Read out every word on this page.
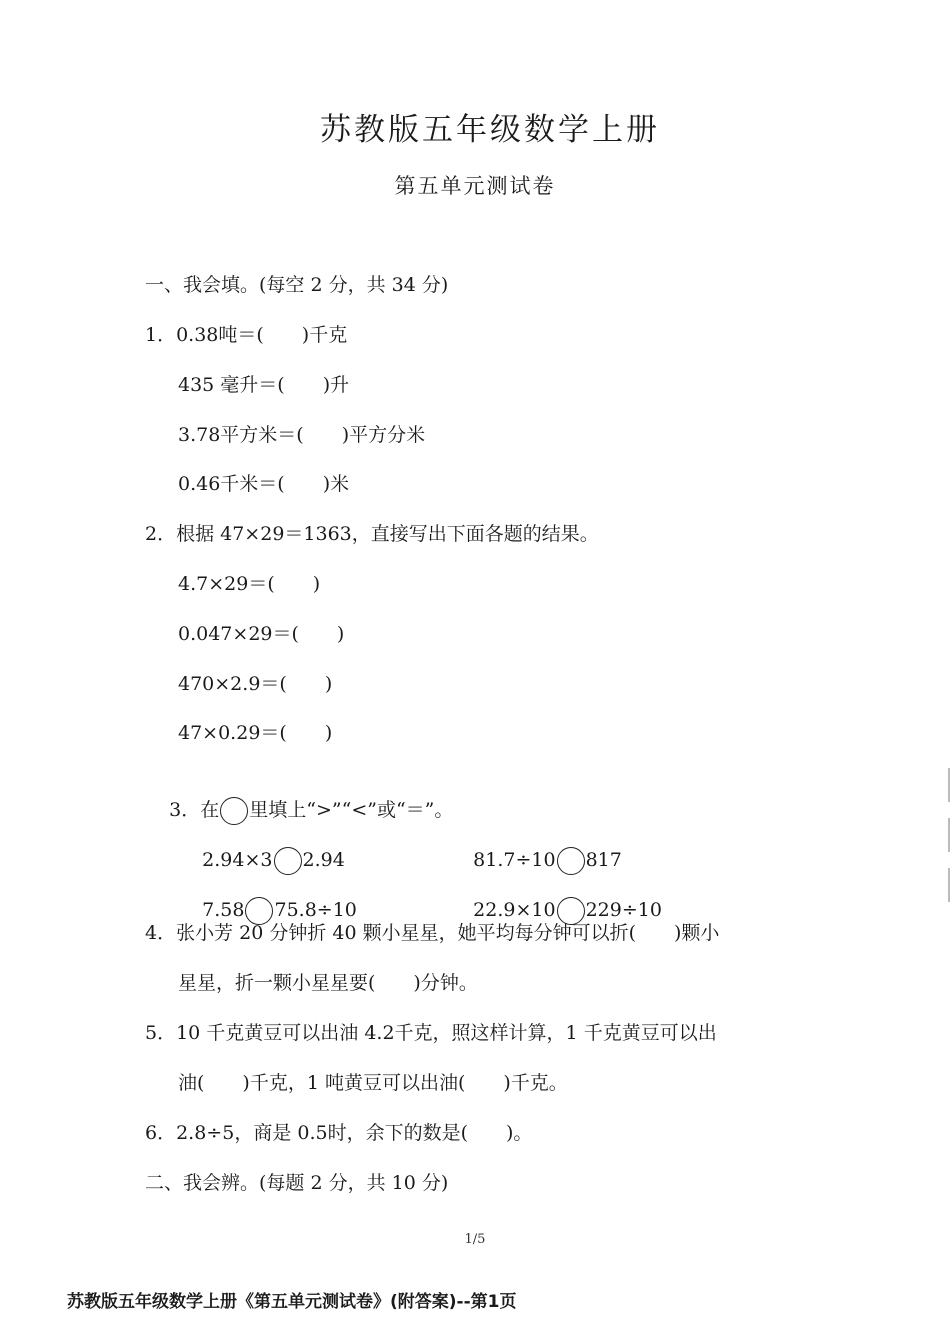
苏教版五年级数学上册
第五单元测试卷
一、我会填。(每空 2 分，共 34 分)
1．0.38吨＝(　　)千克
435 毫升＝(　　)升
3.78平方米＝(　　)平方分米
0.46千米＝(　　)米
2．根据 47×29＝1363，直接写出下面各题的结果。
4.7×29＝(　　)
0.047×29＝(　　)
470×2.9＝(　　)
47×0.29＝(　　)

3．在 里填上“>”“<”或“＝”。

2.94×3 2.94
	81.7÷10 817

7.58 75.8÷10
	22.9×10 229÷10

4．张小芳 20 分钟折 40 颗小星星，她平均每分钟可以折(　　)颗小
星星，折一颗小星星要(　　)分钟。
5．10 千克黄豆可以出油 4.2千克，照这样计算，1 千克黄豆可以出
油(　　)千克，1 吨黄豆可以出油(　　)千克。
6．2.8÷5，商是 0.5时，余下的数是(　　)。
二、我会辨。(每题 2 分，共 10 分)
1/5
苏教版五年级数学上册《第五单元测试卷》(附答案)--第1页
